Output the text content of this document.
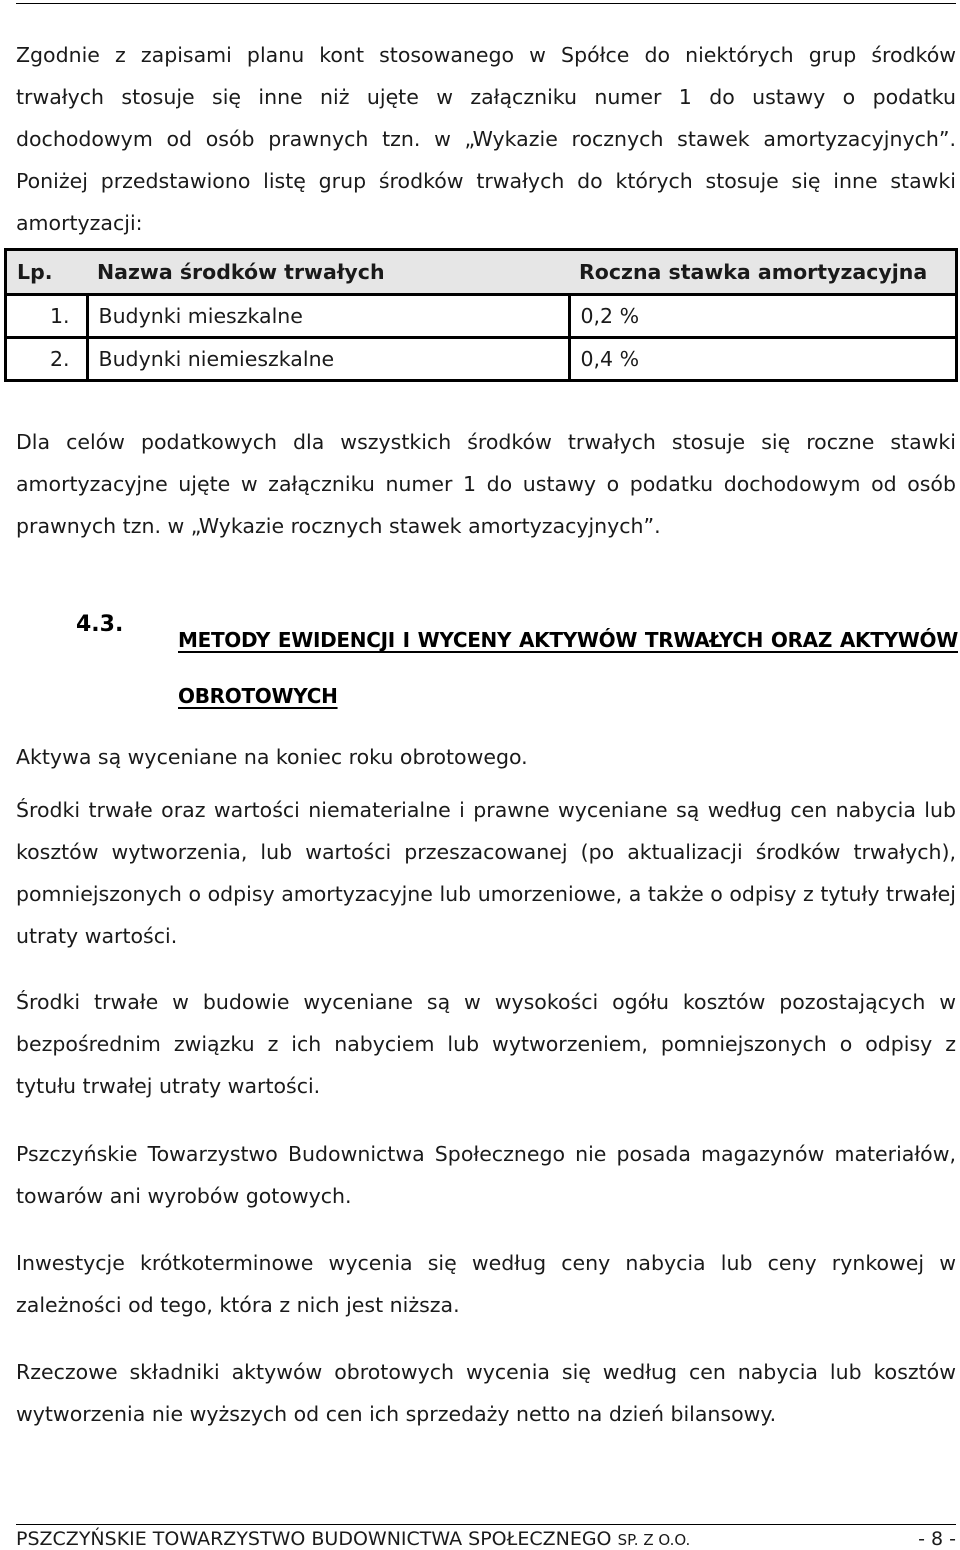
Zgodnie z zapisami planu kont stosowanego w Spółce do niektórych grup środków trwałych stosuje się inne niż ujęte w załączniku numer 1 do ustawy o podatku dochodowym od osób prawnych tzn. w „Wykazie rocznych stawek amortyzacyjnych”. Poniżej przedstawiono listę grup środków trwałych do których stosuje się inne stawki amortyzacji:

Lp.	Nazwa środków trwałych	Roczna stawka amortyzacyjna
1.	Budynki mieszkalne	0,2 %
2.	Budynki niemieszkalne	0,4 %

Dla celów podatkowych dla wszystkich środków trwałych stosuje się roczne stawki amortyzacyjne ujęte w załączniku numer 1 do ustawy o podatku dochodowym od osób prawnych tzn. w „Wykazie rocznych stawek amortyzacyjnych”.

4.3.

METODY EWIDENCJI I WYCENY AKTYWÓW TRWAŁYCH ORAZ AKTYWÓW
OBROTOWYCH

Aktywa są wyceniane na koniec roku obrotowego.

Środki trwałe oraz wartości niematerialne i prawne wyceniane są według cen nabycia lub kosztów wytworzenia, lub wartości przeszacowanej (po aktualizacji środków trwałych), pomniejszonych o odpisy amortyzacyjne lub umorzeniowe, a także o odpisy z tytuły trwałej utraty wartości.

Środki trwałe w budowie wyceniane są w wysokości ogółu kosztów pozostających w bezpośrednim związku z ich nabyciem lub wytworzeniem, pomniejszonych o odpisy z tytułu trwałej utraty wartości.

Pszczyńskie Towarzystwo Budownictwa Społecznego nie posada magazynów materiałów, towarów ani wyrobów gotowych.

Inwestycje krótkoterminowe wycenia się według ceny nabycia lub ceny rynkowej w zależności od tego, która z nich jest niższa.

Rzeczowe składniki aktywów obrotowych wycenia się według cen nabycia lub kosztów wytworzenia nie wyższych od cen ich sprzedaży netto na dzień bilansowy.

PSZCZYŃSKIE TOWARZYSTWO BUDOWNICTWA SPOŁECZNEGO SP. Z O.O.	- 8 -
